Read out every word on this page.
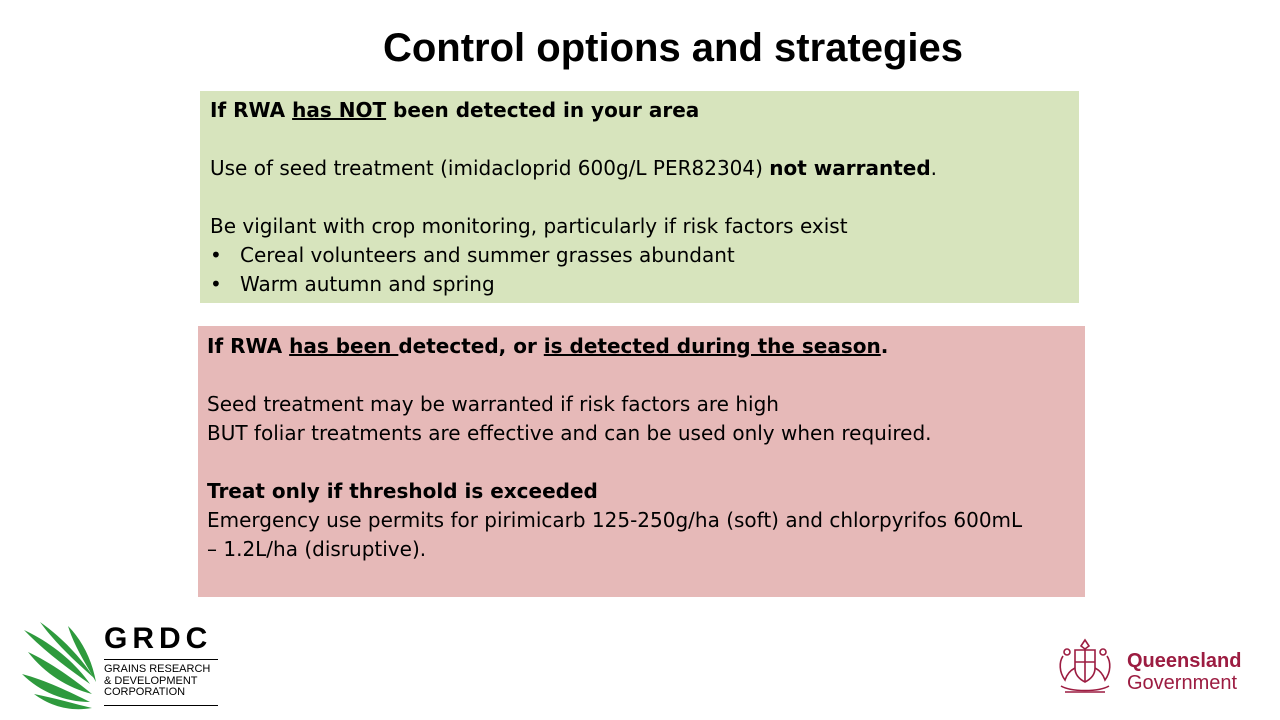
Control options and strategies
If RWA has NOT been detected in your area
Use of seed treatment (imidacloprid 600g/L PER82304) not warranted.
Be vigilant with crop monitoring, particularly if risk factors exist
• Cereal volunteers and summer grasses abundant
• Warm autumn and spring
If RWA has been detected, or is detected during the season.
Seed treatment may be warranted if risk factors are high
BUT foliar treatments are effective and can be used only when required.
Treat only if threshold is exceeded
Emergency use permits for pirimicarb 125-250g/ha (soft) and chlorpyrifos 600mL – 1.2L/ha (disruptive).
GRDC
GRAINS RESEARCH
& DEVELOPMENT
CORPORATION
Queensland
Government
